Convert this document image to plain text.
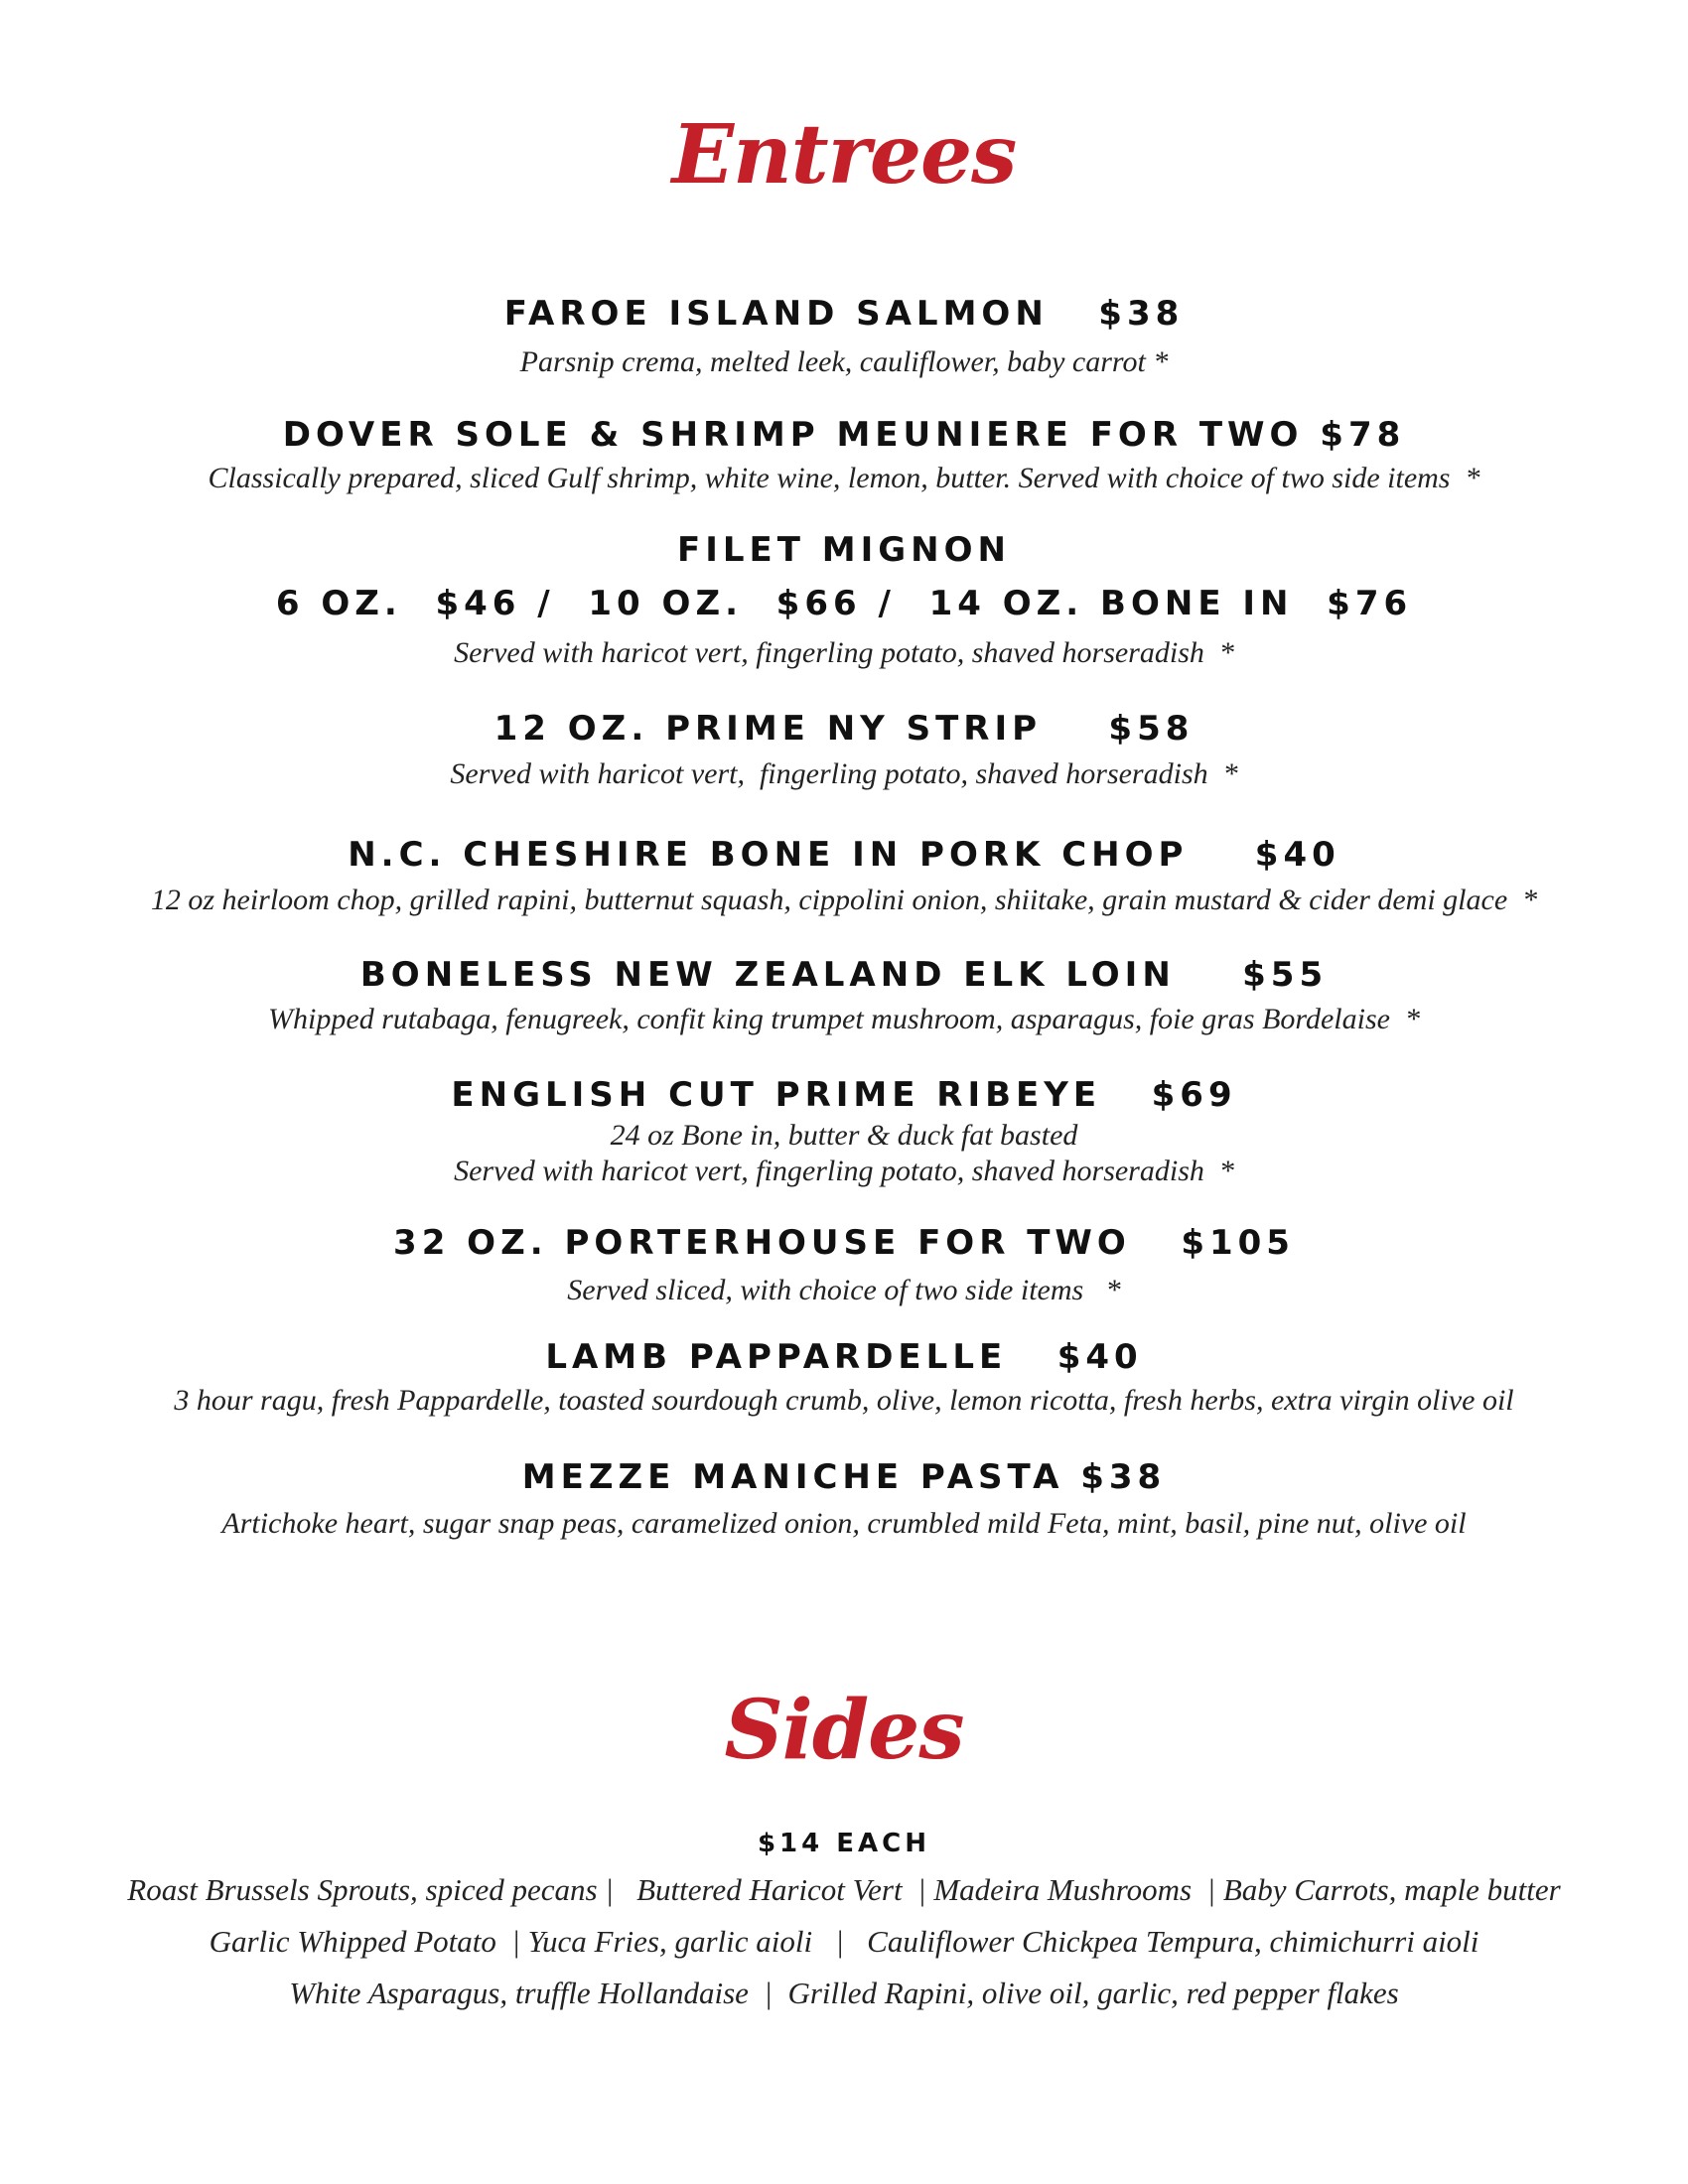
Entrees
FAROE ISLAND SALMON   $38
Parsnip crema, melted leek, cauliflower, baby carrot *
DOVER SOLE & SHRIMP MEUNIERE FOR TWO $78
Classically prepared, sliced Gulf shrimp, white wine, lemon, butter. Served with choice of two side items  *
FILET MIGNON
6 OZ.  $46 /  10 OZ.  $66 /  14 OZ. BONE IN  $76
Served with haricot vert, fingerling potato, shaved horseradish  *
12 OZ. PRIME NY STRIP    $58
Served with haricot vert,  fingerling potato, shaved horseradish  *
N.C. CHESHIRE BONE IN PORK CHOP    $40
12 oz heirloom chop, grilled rapini, butternut squash, cippolini onion, shiitake, grain mustard & cider demi glace  *
BONELESS NEW ZEALAND ELK LOIN    $55
Whipped rutabaga, fenugreek, confit king trumpet mushroom, asparagus, foie gras Bordelaise  *
ENGLISH CUT PRIME RIBEYE   $69
24 oz Bone in, butter & duck fat basted
Served with haricot vert, fingerling potato, shaved horseradish  *
32 OZ. PORTERHOUSE FOR TWO   $105
Served sliced, with choice of two side items   *
LAMB PAPPARDELLE   $40
3 hour ragu, fresh Pappardelle, toasted sourdough crumb, olive, lemon ricotta, fresh herbs, extra virgin olive oil
MEZZE MANICHE PASTA $38
Artichoke heart, sugar snap peas, caramelized onion, crumbled mild Feta, mint, basil, pine nut, olive oil
Sides
$14 EACH
Roast Brussels Sprouts, spiced pecans |   Buttered Haricot Vert  | Madeira Mushrooms  | Baby Carrots, maple butter
Garlic Whipped Potato  | Yuca Fries, garlic aioli   |   Cauliflower Chickpea Tempura, chimichurri aioli
White Asparagus, truffle Hollandaise  |  Grilled Rapini, olive oil, garlic, red pepper flakes
